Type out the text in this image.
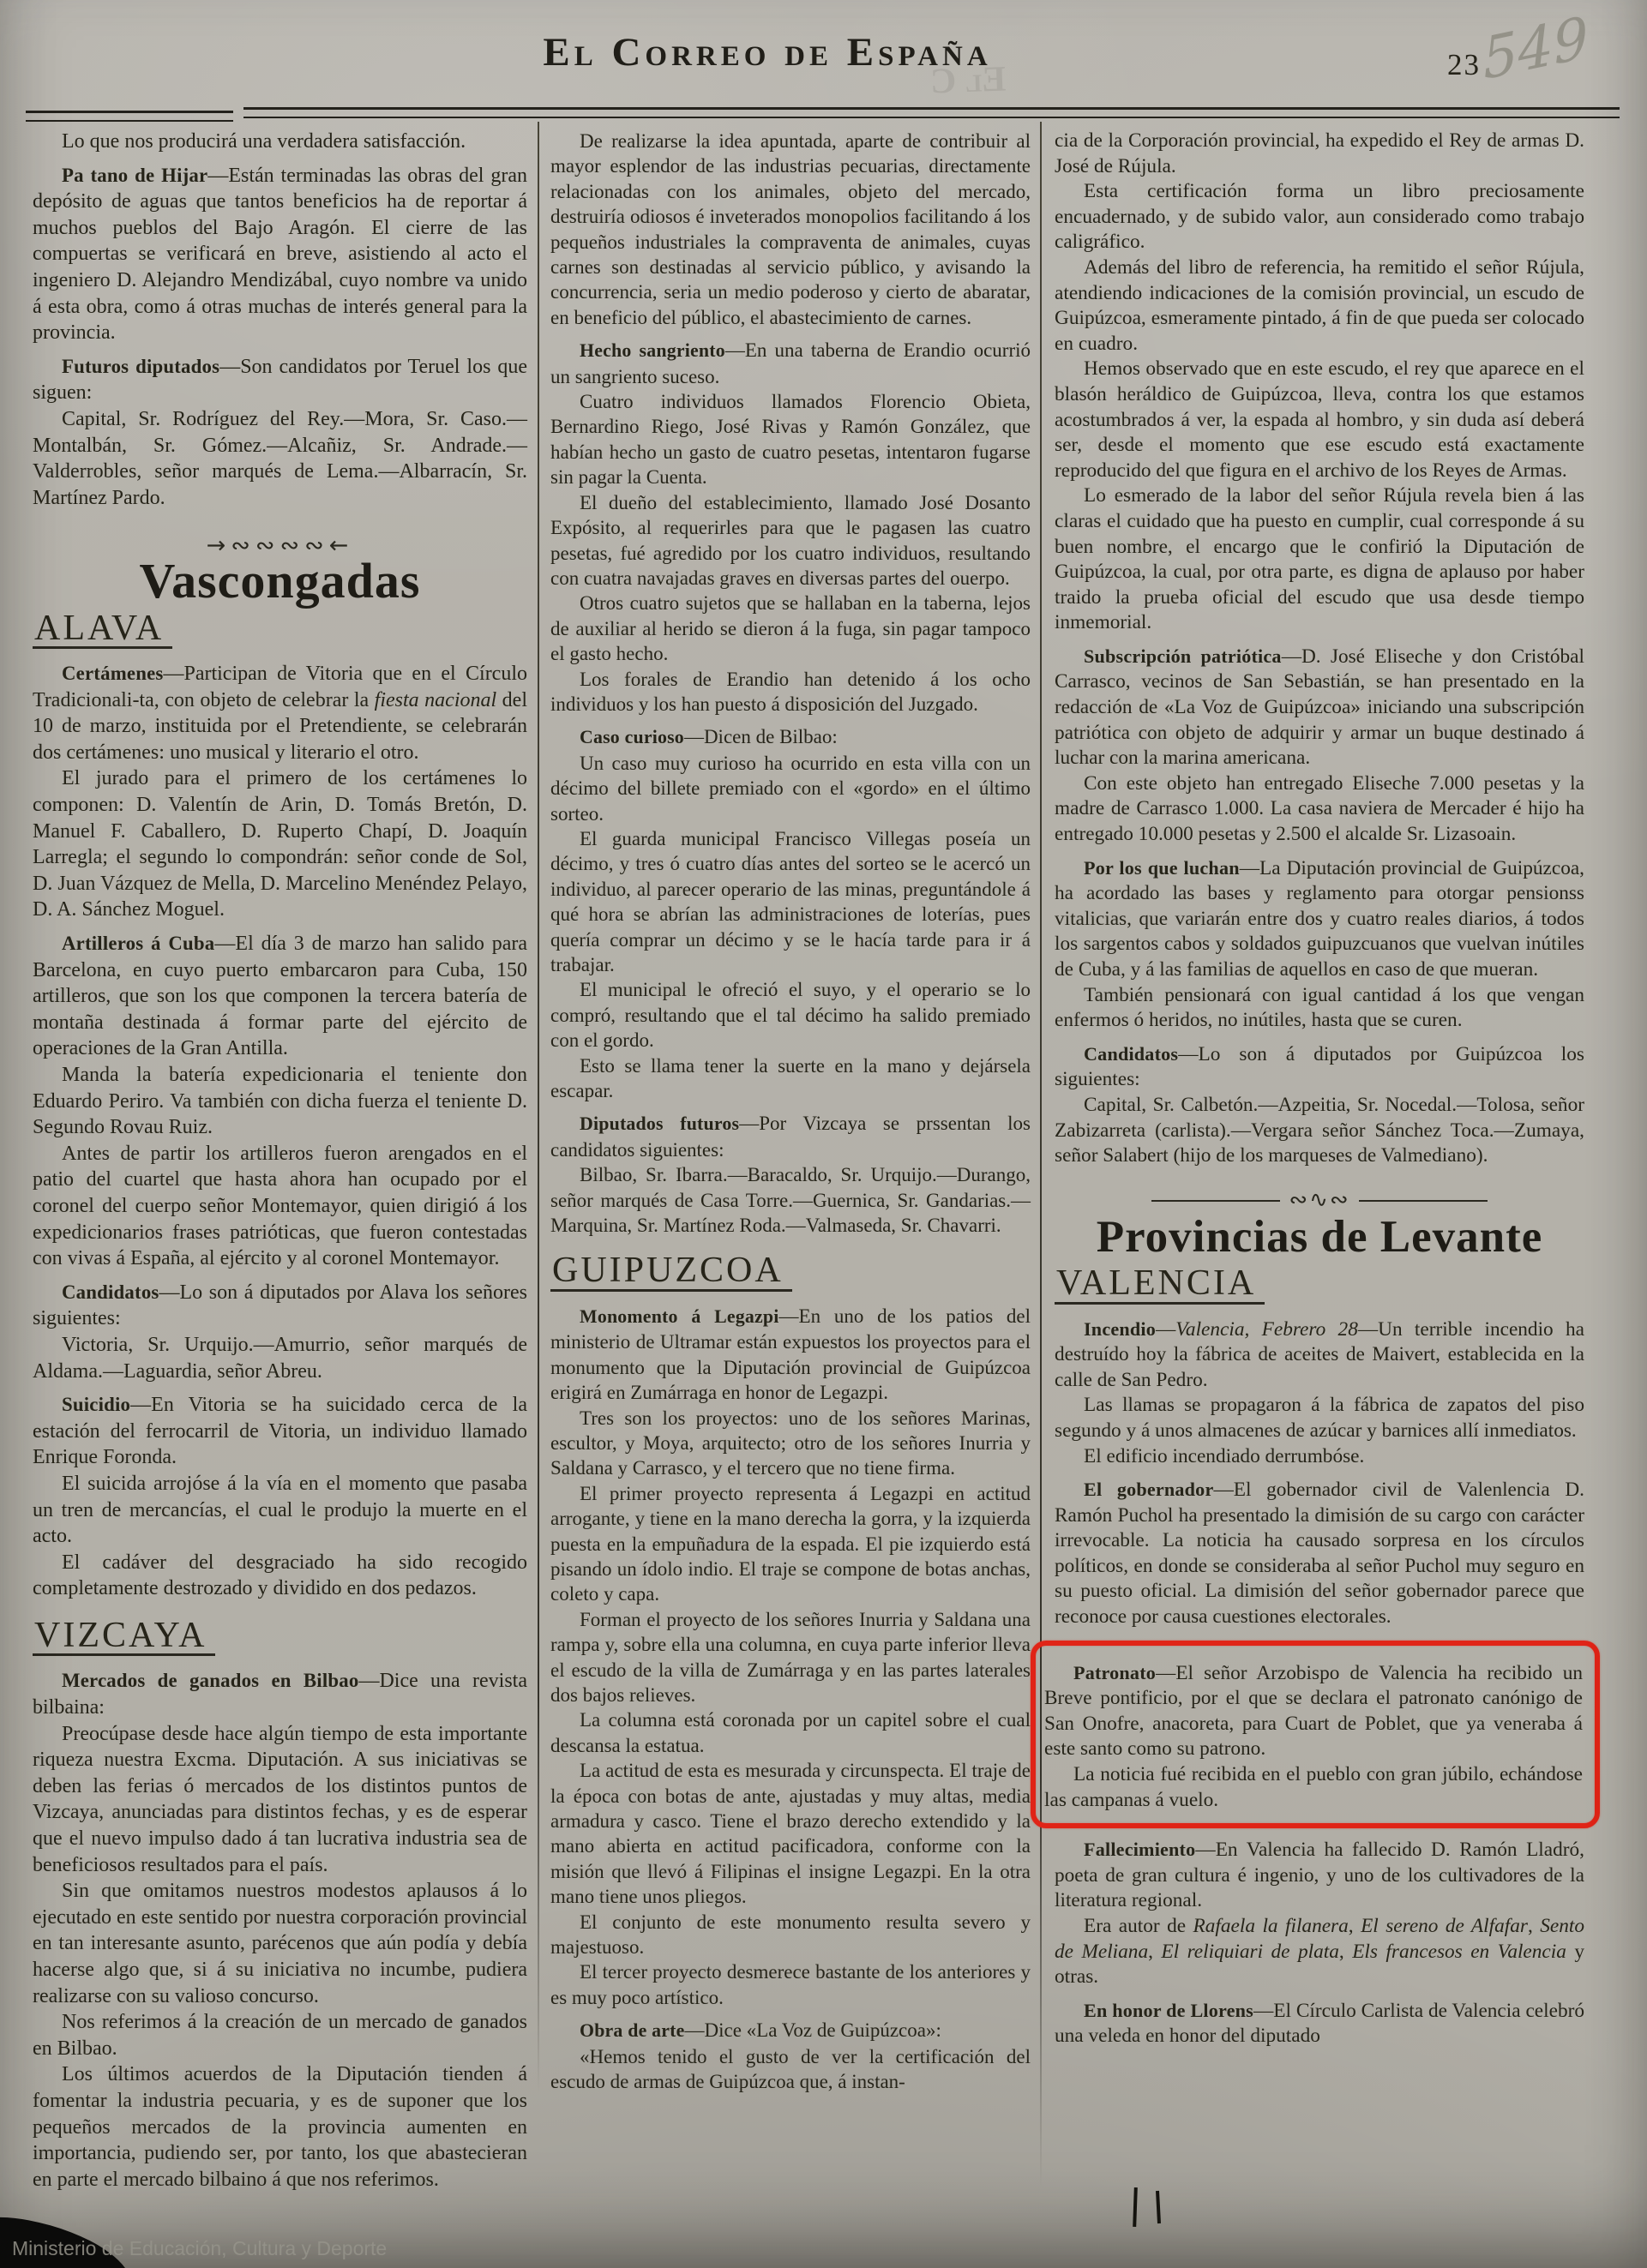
El C
El Correo de España	23 549

Lo que nos producirá una verdadera satisfacción.

Pa tano de Hijar—Están terminadas las obras del gran depósito de aguas que tantos beneficios ha de reportar á muchos pueblos del Bajo Aragón. El cierre de las compuertas se verificará en breve, asistiendo al acto el ingeniero D. Alejandro Mendizábal, cuyo nombre va unido á esta obra, como á otras muchas de interés general para la provincia.

Futuros diputados—Son candidatos por Teruel los que siguen:

Capital, Sr. Rodríguez del Rey.—Mora, Sr. Caso.—Montalbán, Sr. Gómez.—Alcañiz, Sr. Andrade.—Valderrobles, señor marqués de Lema.—Albarracín, Sr. Martínez Pardo.

→∾∾∾∾←
Vascongadas
ALAVA

Certámenes—Participan de Vitoria que en el Círculo Tradicionali-ta, con objeto de celebrar la fiesta nacional del 10 de marzo, instituida por el Pretendiente, se celebrarán dos certámenes: uno musical y literario el otro.

El jurado para el primero de los certámenes lo componen: D. Valentín de Arin, D. Tomás Bretón, D. Manuel F. Caballero, D. Ruperto Chapí, D. Joaquín Larregla; el segundo lo compondrán: señor conde de Sol, D. Juan Vázquez de Mella, D. Marcelino Menéndez Pelayo, D. A. Sánchez Moguel.

Artilleros á Cuba—El día 3 de marzo han salido para Barcelona, en cuyo puerto embarcaron para Cuba, 150 artilleros, que son los que componen la tercera batería de montaña destinada á formar parte del ejército de operaciones de la Gran Antilla.

Manda la batería expedicionaria el teniente don Eduardo Periro. Va también con dicha fuerza el teniente D. Segundo Rovau Ruiz.

Antes de partir los artilleros fueron arengados en el patio del cuartel que hasta ahora han ocupado por el coronel del cuerpo señor Montemayor, quien dirigió á los expedicionarios frases patrióticas, que fueron contestadas con vivas á España, al ejército y al coronel Montemayor.

Candidatos—Lo son á diputados por Alava los señores siguientes:

Victoria, Sr. Urquijo.—Amurrio, señor marqués de Aldama.—Laguardia, señor Abreu.

Suicidio—En Vitoria se ha suicidado cerca de la estación del ferrocarril de Vitoria, un individuo llamado Enrique Foronda.

El suicida arrojóse á la vía en el momento que pasaba un tren de mercancías, el cual le produjo la muerte en el acto.

El cadáver del desgraciado ha sido recogido completamente destrozado y dividido en dos pedazos.

VIZCAYA

Mercados de ganados en Bilbao—Dice una revista bilbaina:

Preocúpase desde hace algún tiempo de esta importante riqueza nuestra Excma. Diputación. A sus iniciativas se deben las ferias ó mercados de los distintos puntos de Vizcaya, anunciadas para distintos fechas, y es de esperar que el nuevo impulso dado á tan lucrativa industria sea de beneficiosos resultados para el país.

Sin que omitamos nuestros modestos aplausos á lo ejecutado en este sentido por nuestra corporación provincial en tan interesante asunto, parécenos que aún podía y debía hacerse algo que, si á su iniciativa no incumbe, pudiera realizarse con su valioso concurso.

Nos referimos á la creación de un mercado de ganados en Bilbao.

Los últimos acuerdos de la Diputación tienden á fomentar la industria pecuaria, y es de suponer que los pequeños mercados de la provincia aumenten en importancia, pudiendo ser, por tanto, los que abastecieran en parte el mercado bilbaino á que nos referimos.

De realizarse la idea apuntada, aparte de contribuir al mayor esplendor de las industrias pecuarias, directamente relacionadas con los animales, objeto del mercado, destruiría odiosos é inveterados monopolios facilitando á los pequeños industriales la compraventa de animales, cuyas carnes son destinadas al servicio público, y avisando la concurrencia, seria un medio poderoso y cierto de abaratar, en beneficio del público, el abastecimiento de carnes.

Hecho sangriento—En una taberna de Erandio ocurrió un sangriento suceso.

Cuatro individuos llamados Florencio Obieta, Bernardino Riego, José Rivas y Ramón González, que habían hecho un gasto de cuatro pesetas, intentaron fugarse sin pagar la Cuenta.

El dueño del establecimiento, llamado José Dosanto Expósito, al requerirles para que le pagasen las cuatro pesetas, fué agredido por los cuatro individuos, resultando con cuatra navajadas graves en diversas partes del ouerpo.

Otros cuatro sujetos que se hallaban en la taberna, lejos de auxiliar al herido se dieron á la fuga, sin pagar tampoco el gasto hecho.

Los forales de Erandio han detenido á los ocho individuos y los han puesto á disposición del Juzgado.

Caso curioso—Dicen de Bilbao:

Un caso muy curioso ha ocurrido en esta villa con un décimo del billete premiado con el «gordo» en el último sorteo.

El guarda municipal Francisco Villegas poseía un décimo, y tres ó cuatro días antes del sorteo se le acercó un individuo, al parecer operario de las minas, preguntándole á qué hora se abrían las administraciones de loterías, pues quería comprar un décimo y se le hacía tarde para ir á trabajar.

El municipal le ofreció el suyo, y el operario se lo compró, resultando que el tal décimo ha salido premiado con el gordo.

Esto se llama tener la suerte en la mano y dejársela escapar.

Diputados futuros—Por Vizcaya se prssentan los candidatos siguientes:

Bilbao, Sr. Ibarra.—Baracaldo, Sr. Urquijo.—Durango, señor marqués de Casa Torre.—Guernica, Sr. Gandarias.—Marquina, Sr. Martínez Roda.—Valmaseda, Sr. Chavarri.

GUIPUZCOA

Monomento á Legazpi—En uno de los patios del ministerio de Ultramar están expuestos los proyectos para el monumento que la Diputación provincial de Guipúzcoa erigirá en Zumárraga en honor de Legazpi.

Tres son los proyectos: uno de los señores Marinas, escultor, y Moya, arquitecto; otro de los señores Inurria y Saldana y Carrasco, y el tercero que no tiene firma.

El primer proyecto representa á Legazpi en actitud arrogante, y tiene en la mano derecha la gorra, y la izquierda puesta en la empuñadura de la espada. El pie izquierdo está pisando un ídolo indio. El traje se compone de botas anchas, coleto y capa.

Forman el proyecto de los señores Inurria y Saldana una rampa y, sobre ella una columna, en cuya parte inferior lleva el escudo de la villa de Zumárraga y en las partes laterales dos bajos relieves.

La columna está coronada por un capitel sobre el cual descansa la estatua.

La actitud de esta es mesurada y circunspecta. El traje de la época con botas de ante, ajustadas y muy altas, media armadura y casco. Tiene el brazo derecho extendido y la mano abierta en actitud pacificadora, conforme con la misión que llevó á Filipinas el insigne Legazpi. En la otra mano tiene unos pliegos.

El conjunto de este monumento resulta severo y majestuoso.

El tercer proyecto desmerece bastante de los anteriores y es muy poco artístico.

Obra de arte—Dice «La Voz de Guipúzcoa»:

«Hemos tenido el gusto de ver la certificación del escudo de armas de Guipúzcoa que, á instan-

cia de la Corporación provincial, ha expedido el Rey de armas D. José de Rújula.

Esta certificación forma un libro preciosamente encuadernado, y de subido valor, aun considerado como trabajo caligráfico.

Además del libro de referencia, ha remitido el señor Rújula, atendiendo indicaciones de la comisión provincial, un escudo de Guipúzcoa, esmeramente pintado, á fin de que pueda ser colocado en cuadro.

Hemos observado que en este escudo, el rey que aparece en el blasón heráldico de Guipúzcoa, lleva, contra los que estamos acostumbrados á ver, la espada al hombro, y sin duda así deberá ser, desde el momento que ese escudo está exactamente reproducido del que figura en el archivo de los Reyes de Armas.

Lo esmerado de la labor del señor Rújula revela bien á las claras el cuidado que ha puesto en cumplir, cual corresponde á su buen nombre, el encargo que le confirió la Diputación de Guipúzcoa, la cual, por otra parte, es digna de aplauso por haber traido la prueba oficial del escudo que usa desde tiempo inmemorial.

Subscripción patriótica—D. José Eliseche y don Cristóbal Carrasco, vecinos de San Sebastián, se han presentado en la redacción de «La Voz de Guipúzcoa» iniciando una subscripción patriótica con objeto de adquirir y armar un buque destinado á luchar con la marina americana.

Con este objeto han entregado Eliseche 7.000 pesetas y la madre de Carrasco 1.000. La casa naviera de Mercader é hijo ha entregado 10.000 pesetas y 2.500 el alcalde Sr. Lizasoain.

Por los que luchan—La Diputación provincial de Guipúzcoa, ha acordado las bases y reglamento para otorgar pensionss vitalicias, que variarán entre dos y cuatro reales diarios, á todos los sargentos cabos y soldados guipuzcuanos que vuelvan inútiles de Cuba, y á las familias de aquellos en caso de que mueran.

También pensionará con igual cantidad á los que vengan enfermos ó heridos, no inútiles, hasta que se curen.

Candidatos—Lo son á diputados por Guipúzcoa los siguientes:

Capital, Sr. Calbetón.—Azpeitia, Sr. Nocedal.—Tolosa, señor Zabizarreta (carlista).—Vergara señor Sánchez Toca.—Zumaya, señor Salabert (hijo de los marqueses de Valmediano).

∾∿∾
Provincias de Levante
VALENCIA

Incendio—Valencia, Febrero 28—Un terrible incendio ha destruído hoy la fábrica de aceites de Maivert, establecida en la calle de San Pedro.

Las llamas se propagaron á la fábrica de zapatos del piso segundo y á unos almacenes de azúcar y barnices allí inmediatos.

El edificio incendiado derrumbóse.

El gobernador—El gobernador civil de Valenlencia D. Ramón Puchol ha presentado la dimisión de su cargo con carácter irrevocable. La noticia ha causado sorpresa en los círculos políticos, en donde se consideraba al señor Puchol muy seguro en su puesto oficial. La dimisión del señor gobernador parece que reconoce por causa cuestiones electorales.

Patronato—El señor Arzobispo de Valencia ha recibido un Breve pontificio, por el que se declara el patronato canónigo de San Onofre, anacoreta, para Cuart de Poblet, que ya veneraba á este santo como su patrono.

La noticia fué recibida en el pueblo con gran júbilo, echándose las campanas á vuelo.

Fallecimiento—En Valencia ha fallecido D. Ramón Lladró, poeta de gran cultura é ingenio, y uno de los cultivadores de la literatura regional.

Era autor de Rafaela la filanera, El sereno de Alfafar, Sento de Meliana, El reliquiari de plata, Els francesos en Valencia y otras.

En honor de Llorens—El Círculo Carlista de Valencia celebró una veleda en honor del diputado

Ministerio de Educación, Cultura y Deporte
